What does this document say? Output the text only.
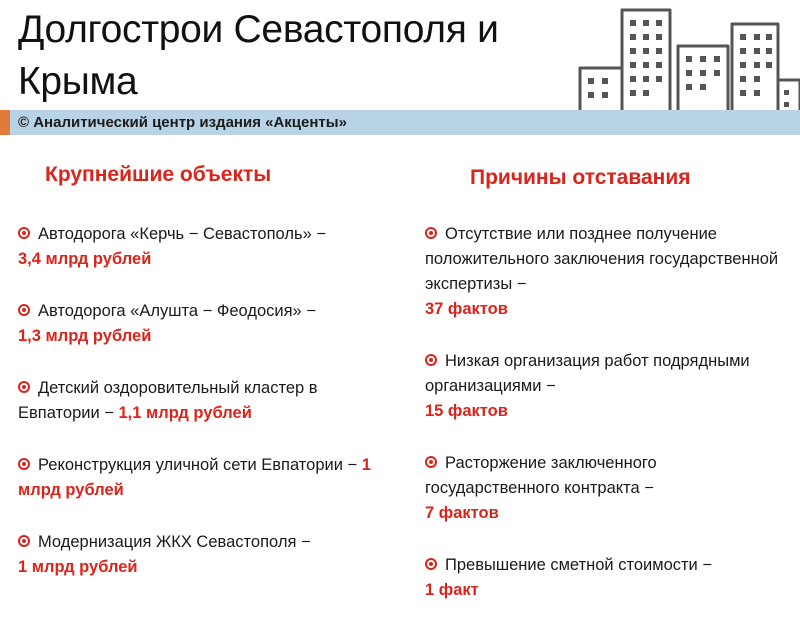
Долгострои Севастополя и
Крыма
© Аналитический центр издания «Акценты»
Крупнейшие объекты	Причины отставания
Автодорога «Керчь − Севастополь» −
3,4 млрд рублей
Автодорога «Алушта − Феодосия» −
1,3 млрд рублей
Детский оздоровительный кластер в Евпатории − 1,1 млрд рублей
Реконструкция уличной сети Евпатории − 1 млрд рублей
Модернизация ЖКХ Севастополя −
1 млрд рублей
Отсутствие или позднее получение положительного заключения государственной экспертизы −
37 фактов
Низкая организация работ подрядными организациями −
15 фактов
Расторжение заключенного государственного контракта −
7 фактов
Превышение сметной стоимости −
1 факт
